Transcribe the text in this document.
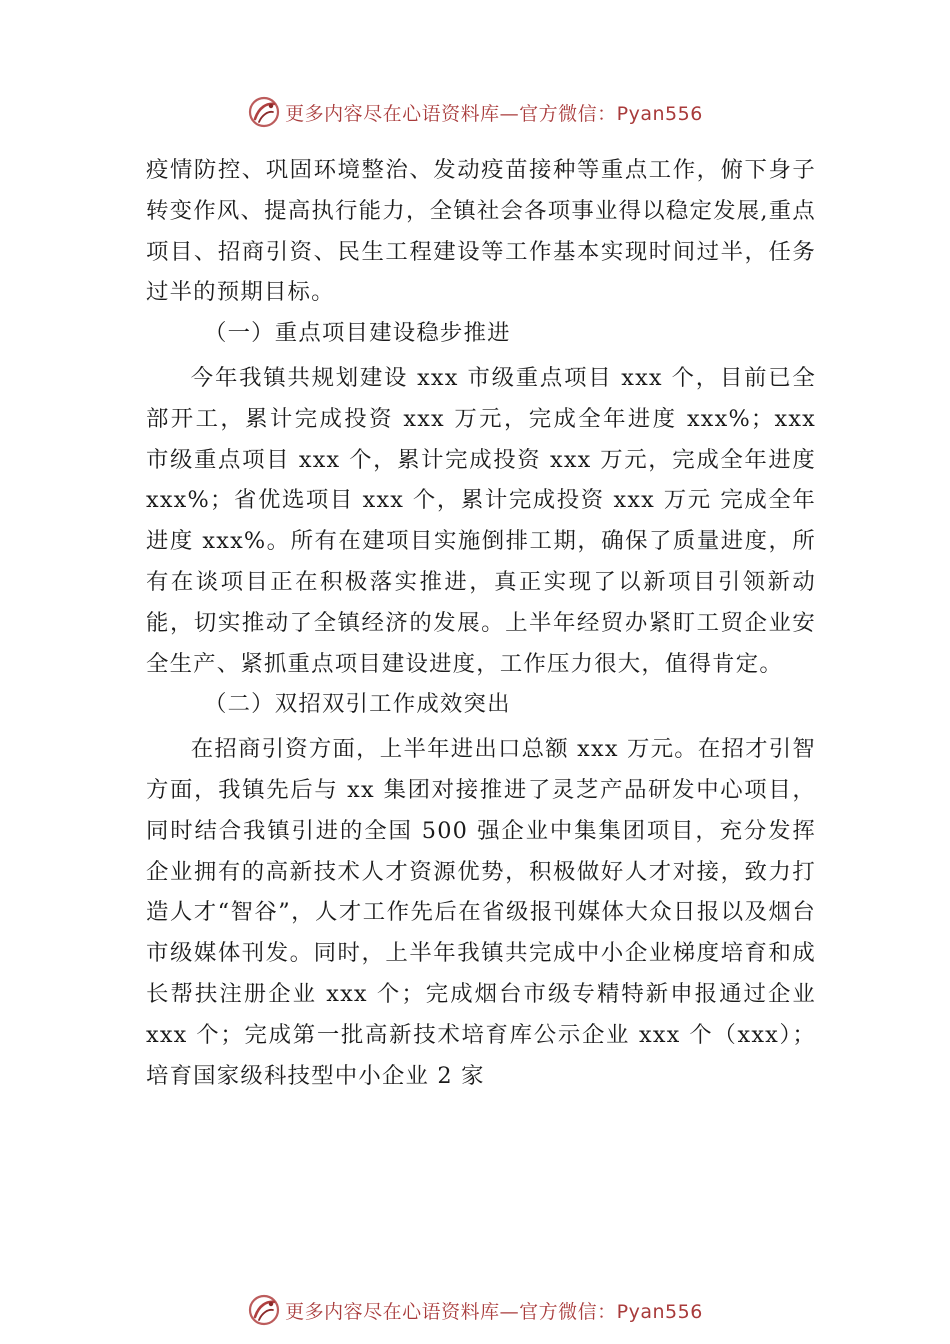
更多内容尽在心语资料库—官方微信：Pyan556

疫情防控、巩固环境整治、发动疫苗接种等重点工作，俯下身子转变作风、提高执行能力，全镇社会各项事业得以稳定发展,重点项目、招商引资、民生工程建设等工作基本实现时间过半，任务过半的预期目标。

（一）重点项目建设稳步推进

今年我镇共规划建设 xxx 市级重点项目 xxx 个，目前已全部开工，累计完成投资 xxx 万元，完成全年进度 xxx%；xxx 市级重点项目 xxx 个，累计完成投资 xxx 万元，完成全年进度 xxx%；省优选项目 xxx 个，累计完成投资 xxx 万元 完成全年进度 xxx%。所有在建项目实施倒排工期，确保了质量进度，所有在谈项目正在积极落实推进，真正实现了以新项目引领新动能，切实推动了全镇经济的发展。上半年经贸办紧盯工贸企业安全生产、紧抓重点项目建设进度，工作压力很大，值得肯定。

（二）双招双引工作成效突出

在招商引资方面，上半年进出口总额 xxx 万元。在招才引智方面，我镇先后与 xx 集团对接推进了灵芝产品研发中心项目，同时结合我镇引进的全国 500 强企业中集集团项目，充分发挥企业拥有的高新技术人才资源优势，积极做好人才对接，致力打造人才“智谷”，人才工作先后在省级报刊媒体大众日报以及烟台市级媒体刊发。同时，上半年我镇共完成中小企业梯度培育和成长帮扶注册企业 xxx 个；完成烟台市级专精特新申报通过企业 xxx 个；完成第一批高新技术培育库公示企业 xxx 个（xxx）；培育国家级科技型中小企业 2 家

更多内容尽在心语资料库—官方微信：Pyan556
